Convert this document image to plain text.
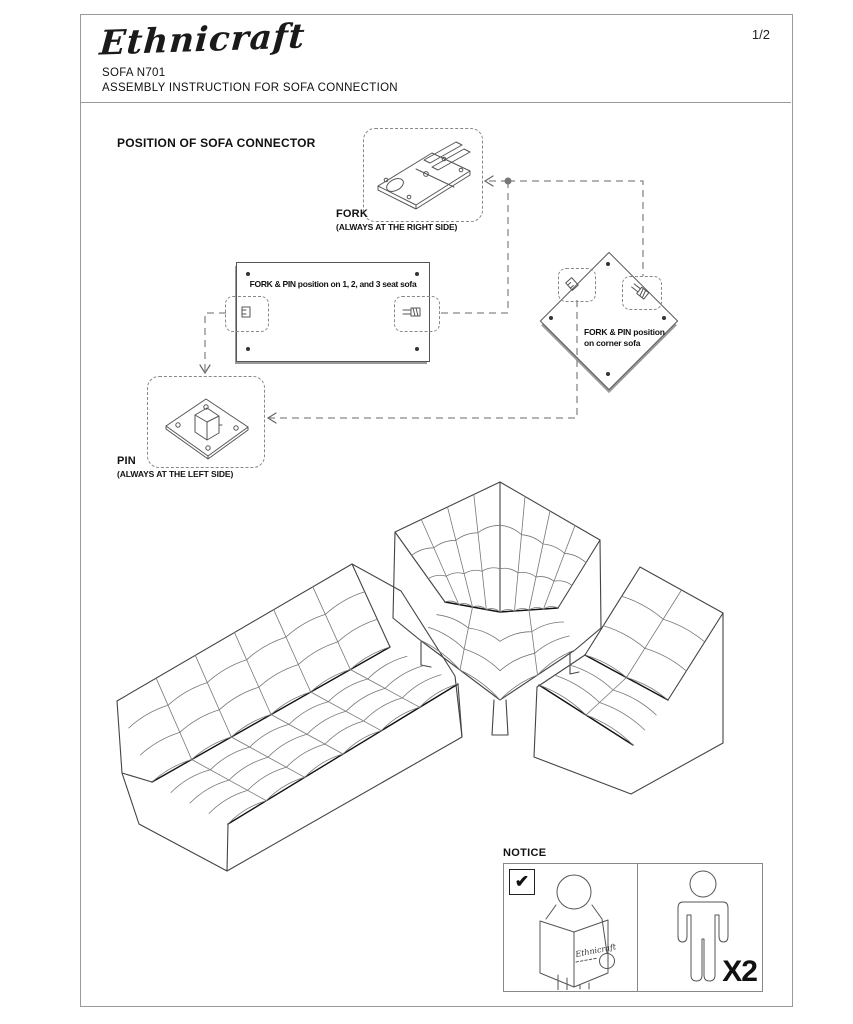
Ethnicraft	1/2
SOFA N701
ASSEMBLY INSTRUCTION FOR SOFA CONNECTION
POSITION OF SOFA CONNECTOR
FORK
(ALWAYS AT THE RIGHT SIDE)
FORK & PIN position on 1, 2, and 3 seat sofa
FORK & PIN position on corner sofa
PIN
(ALWAYS AT THE LEFT SIDE)
NOTICE
✔
Ethnicraft
X2
